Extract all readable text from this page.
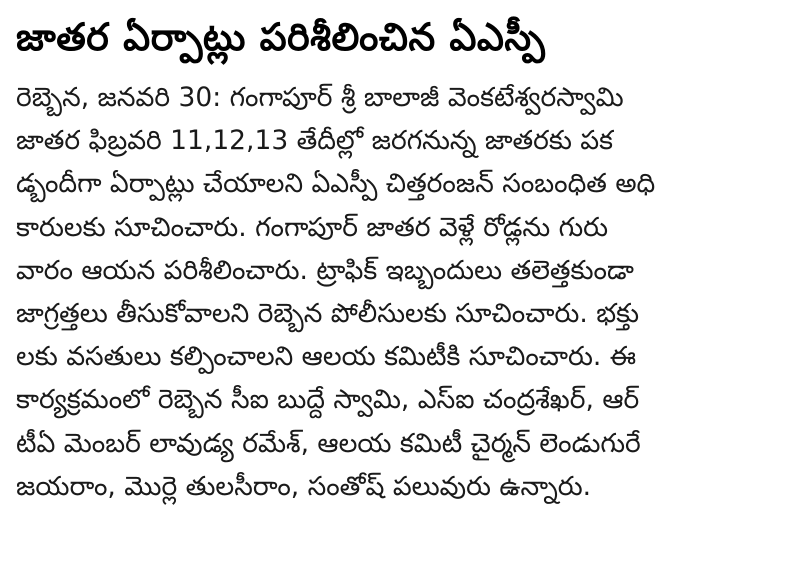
జాతర ఏర్పాట్లు పరిశీలించిన ఏఎస్పీ
రెబ్బెన, జనవరి 30: గంగాపూర్ శ్రీ బాలాజీ వెంకటేశ్వరస్వామి
జాతర ఫిబ్రవరి 11,12,13 తేదీల్లో జరగనున్న జాతరకు పక
డ్బందీగా ఏర్పాట్లు చేయాలని ఏఎస్పీ చిత్తరంజన్ సంబంధిత అధి
కారులకు సూచించారు. గంగాపూర్ జాతర వెళ్లే రోడ్లను గురు
వారం ఆయన పరిశీలించారు. ట్రాఫిక్ ఇబ్బందులు తలెత్తకుండా
జాగ్రత్తలు తీసుకోవాలని రెబ్బెన పోలీసులకు సూచించారు. భక్తు
లకు వసతులు కల్పించాలని ఆలయ కమిటీకి సూచించారు. ఈ
కార్యక్రమంలో రెబ్బెన సీఐ బుద్దే స్వామి, ఎస్ఐ చంద్రశేఖర్, ఆర్
టీఏ మెంబర్ లావుడ్య రమేశ్, ఆలయ కమిటీ చైర్మన్ లెండుగురే
జయరాం, మొర్లె తులసీరాం, సంతోష్ పలువురు ఉన్నారు.
